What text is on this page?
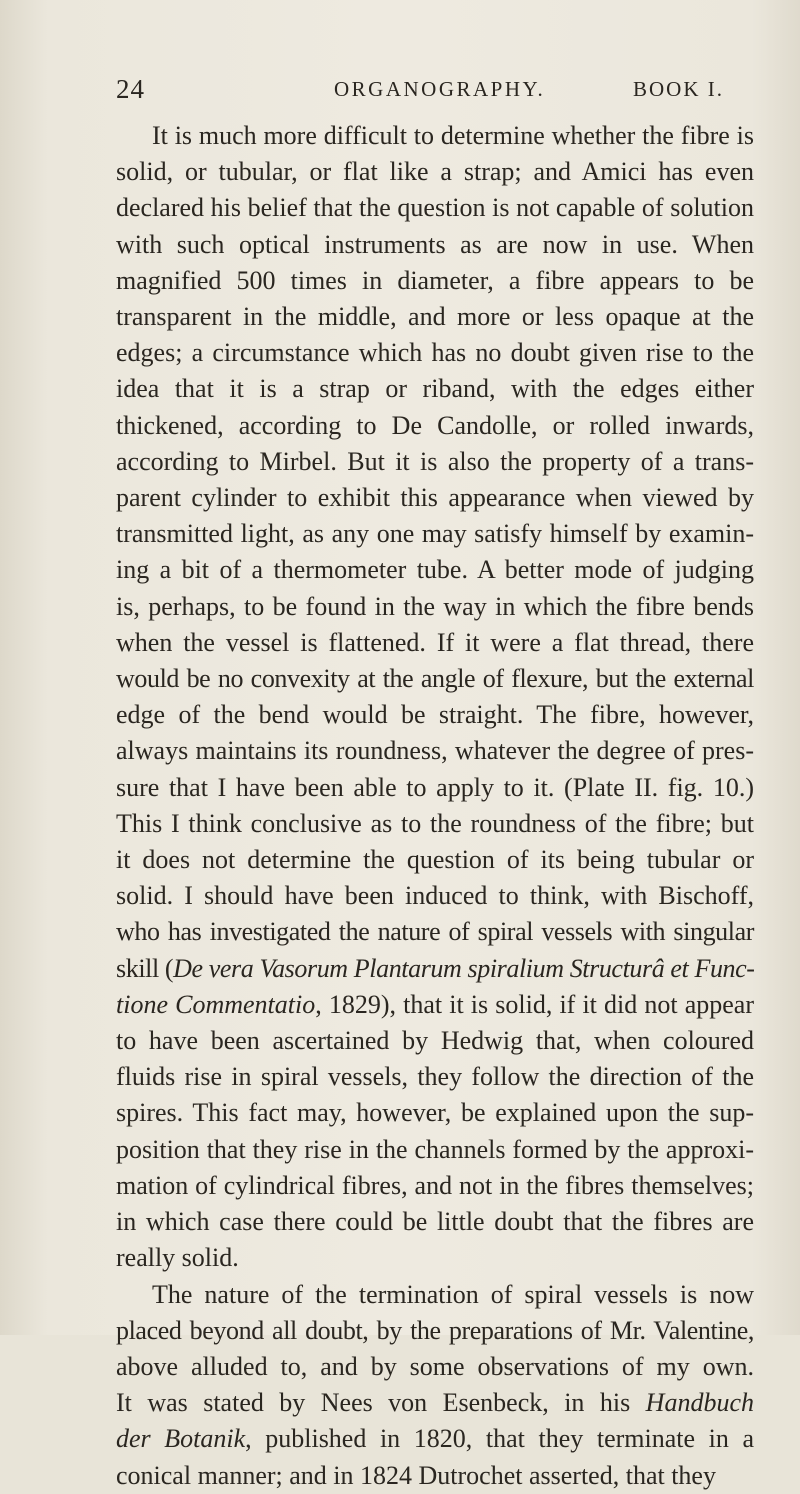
24	ORGANOGRAPHY.	BOOK I.
It is much more difficult to determine whether the fibre is
solid, or tubular, or flat like a strap; and Amici has even
declared his belief that the question is not capable of solution
with such optical instruments as are now in use. When
magnified 500 times in diameter, a fibre appears to be
transparent in the middle, and more or less opaque at the
edges; a circumstance which has no doubt given rise to the
idea that it is a strap or riband, with the edges either
thickened, according to De Candolle, or rolled inwards,
according to Mirbel. But it is also the property of a trans-
parent cylinder to exhibit this appearance when viewed by
transmitted light, as any one may satisfy himself by examin-
ing a bit of a thermometer tube. A better mode of judging
is, perhaps, to be found in the way in which the fibre bends
when the vessel is flattened. If it were a flat thread, there
would be no convexity at the angle of flexure, but the external
edge of the bend would be straight. The fibre, however,
always maintains its roundness, whatever the degree of pres-
sure that I have been able to apply to it. (Plate II. fig. 10.)
This I think conclusive as to the roundness of the fibre; but
it does not determine the question of its being tubular or
solid. I should have been induced to think, with Bischoff,
who has investigated the nature of spiral vessels with singular
skill (De vera Vasorum Plantarum spiralium Structurâ et Func-
tione Commentatio, 1829), that it is solid, if it did not appear
to have been ascertained by Hedwig that, when coloured
fluids rise in spiral vessels, they follow the direction of the
spires. This fact may, however, be explained upon the sup-
position that they rise in the channels formed by the approxi-
mation of cylindrical fibres, and not in the fibres themselves;
in which case there could be little doubt that the fibres are
really solid.
The nature of the termination of spiral vessels is now
placed beyond all doubt, by the preparations of Mr. Valentine,
above alluded to, and by some observations of my own.
It was stated by Nees von Esenbeck, in his Handbuch
der Botanik, published in 1820, that they terminate in a
conical manner; and in 1824 Dutrochet asserted, that they
